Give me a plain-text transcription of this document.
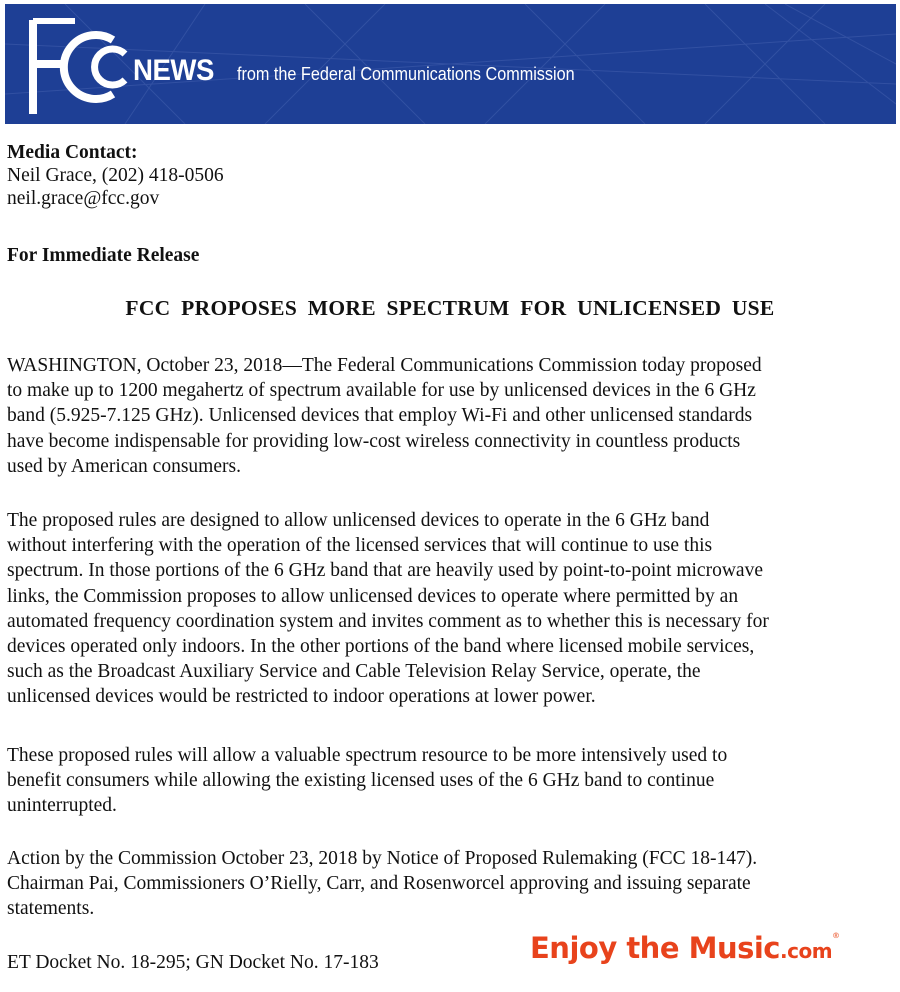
NEWS from the Federal Communications Commission
Media Contact:
Neil Grace, (202) 418-0506
neil.grace@fcc.gov
For Immediate Release
FCC PROPOSES MORE SPECTRUM FOR UNLICENSED USE
WASHINGTON, October 23, 2018—The Federal Communications Commission today proposed
to make up to 1200 megahertz of spectrum available for use by unlicensed devices in the 6 GHz
band (5.925-7.125 GHz). Unlicensed devices that employ Wi-Fi and other unlicensed standards
have become indispensable for providing low-cost wireless connectivity in countless products
used by American consumers.
The proposed rules are designed to allow unlicensed devices to operate in the 6 GHz band
without interfering with the operation of the licensed services that will continue to use this
spectrum. In those portions of the 6 GHz band that are heavily used by point-to-point microwave
links, the Commission proposes to allow unlicensed devices to operate where permitted by an
automated frequency coordination system and invites comment as to whether this is necessary for
devices operated only indoors. In the other portions of the band where licensed mobile services,
such as the Broadcast Auxiliary Service and Cable Television Relay Service, operate, the
unlicensed devices would be restricted to indoor operations at lower power.
These proposed rules will allow a valuable spectrum resource to be more intensively used to
benefit consumers while allowing the existing licensed uses of the 6 GHz band to continue
uninterrupted.
Action by the Commission October 23, 2018 by Notice of Proposed Rulemaking (FCC 18-147).
Chairman Pai, Commissioners O’Rielly, Carr, and Rosenworcel approving and issuing separate
statements.
ET Docket No. 18-295; GN Docket No. 17-183	Enjoy the Music.com®
